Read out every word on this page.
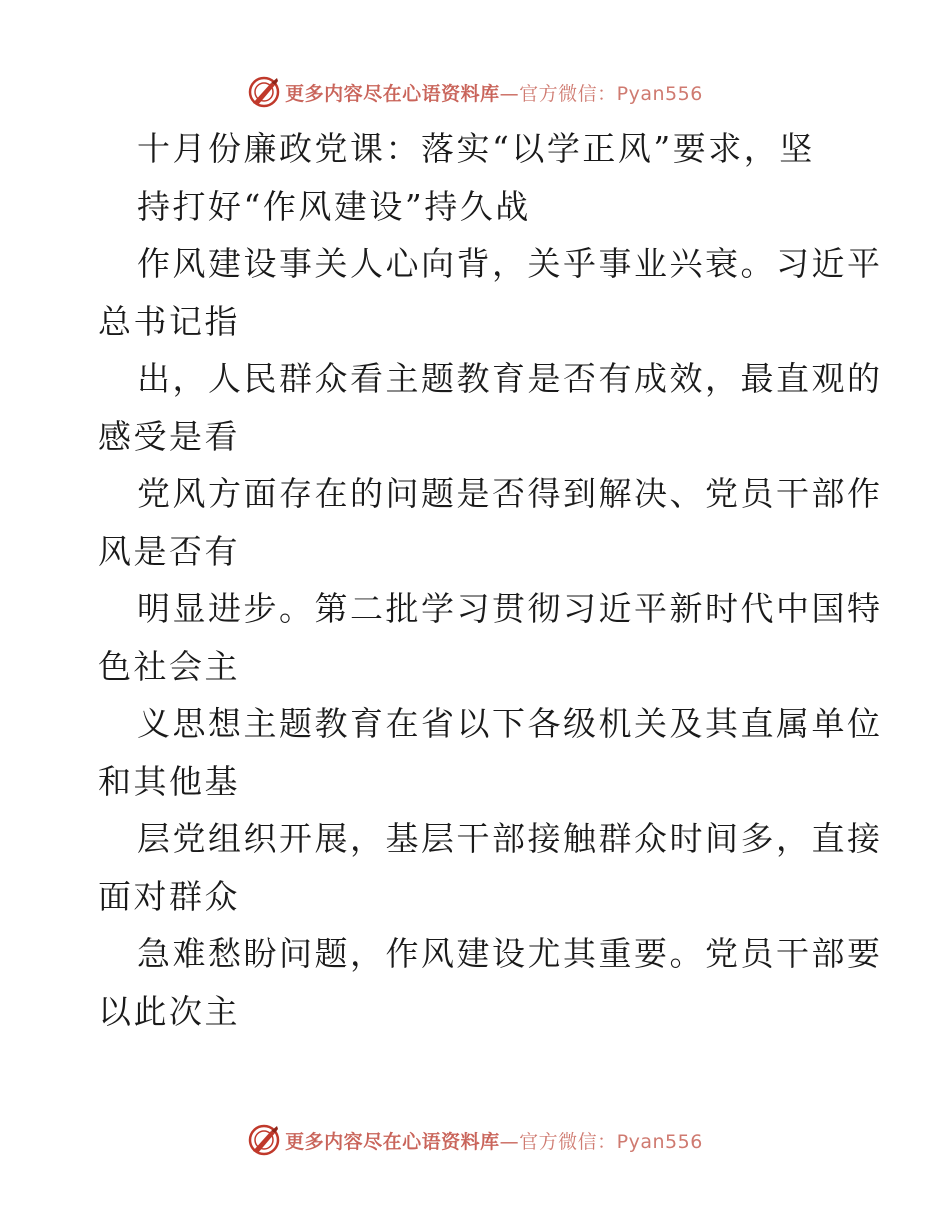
更多内容尽在心语资料库—官方微信：Pyan556
十月份廉政党课：落实“以学正风”要求，坚
持打好“作风建设”持久战
作风建设事关人心向背，关乎事业兴衰。习近平
总书记指
出，人民群众看主题教育是否有成效，最直观的
感受是看
党风方面存在的问题是否得到解决、党员干部作
风是否有
明显进步。第二批学习贯彻习近平新时代中国特
色社会主
义思想主题教育在省以下各级机关及其直属单位
和其他基
层党组织开展，基层干部接触群众时间多，直接
面对群众
急难愁盼问题，作风建设尤其重要。党员干部要
以此次主
更多内容尽在心语资料库—官方微信：Pyan556
